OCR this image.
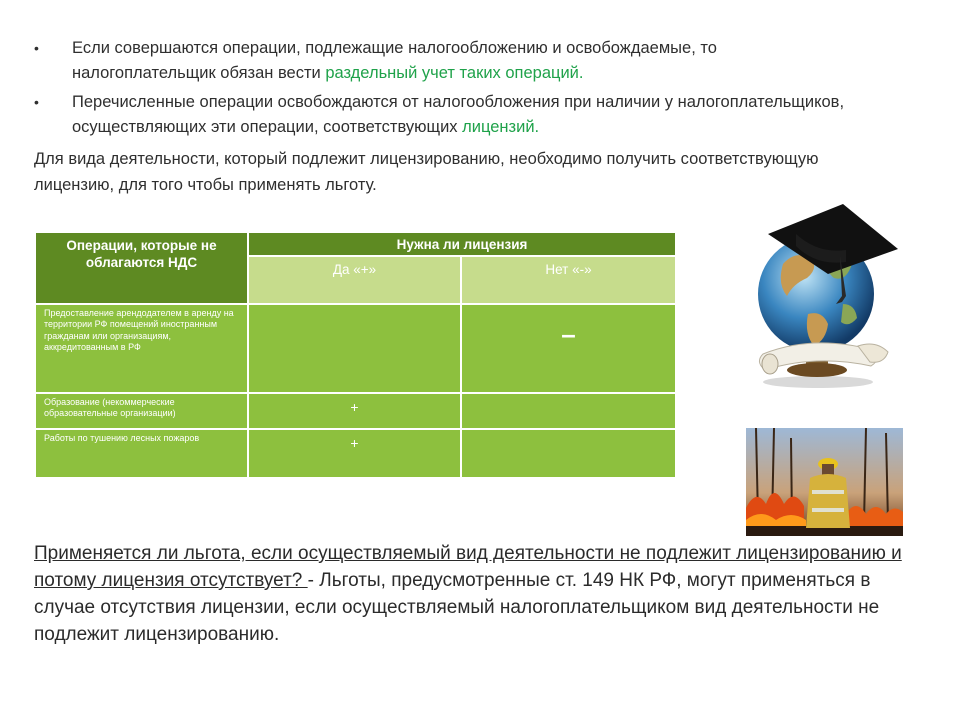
• Если совершаются операции, подлежащие налогообложению и освобождаемые, то налогоплательщик обязан вести раздельный учет таких операций.
• Перечисленные операции освобождаются от налогообложения при наличии у налогоплательщиков, осуществляющих эти операции, соответствующих лицензий.

Для вида деятельности, который подлежит лицензированию, необходимо получить соответствующую лицензию, для того чтобы применять льготу.

Операции, которые не облагаются НДС	Нужна ли лицензия	
	Да «+»	Нет «-»
Предоставление арендодателем в аренду на территории РФ помещений иностранным гражданам или организациям, аккредитованным в РФ		–
Образование (некоммерческие образовательные организации)	+	
Работы по тушению лесных пожаров	+	

Применяется ли льгота, если осуществляемый вид деятельности не подлежит лицензированию и потому лицензия отсутствует? - Льготы, предусмотренные ст. 149 НК РФ, могут применяться в случае отсутствия лицензии, если осуществляемый налогоплательщиком вид деятельности не подлежит лицензированию.
